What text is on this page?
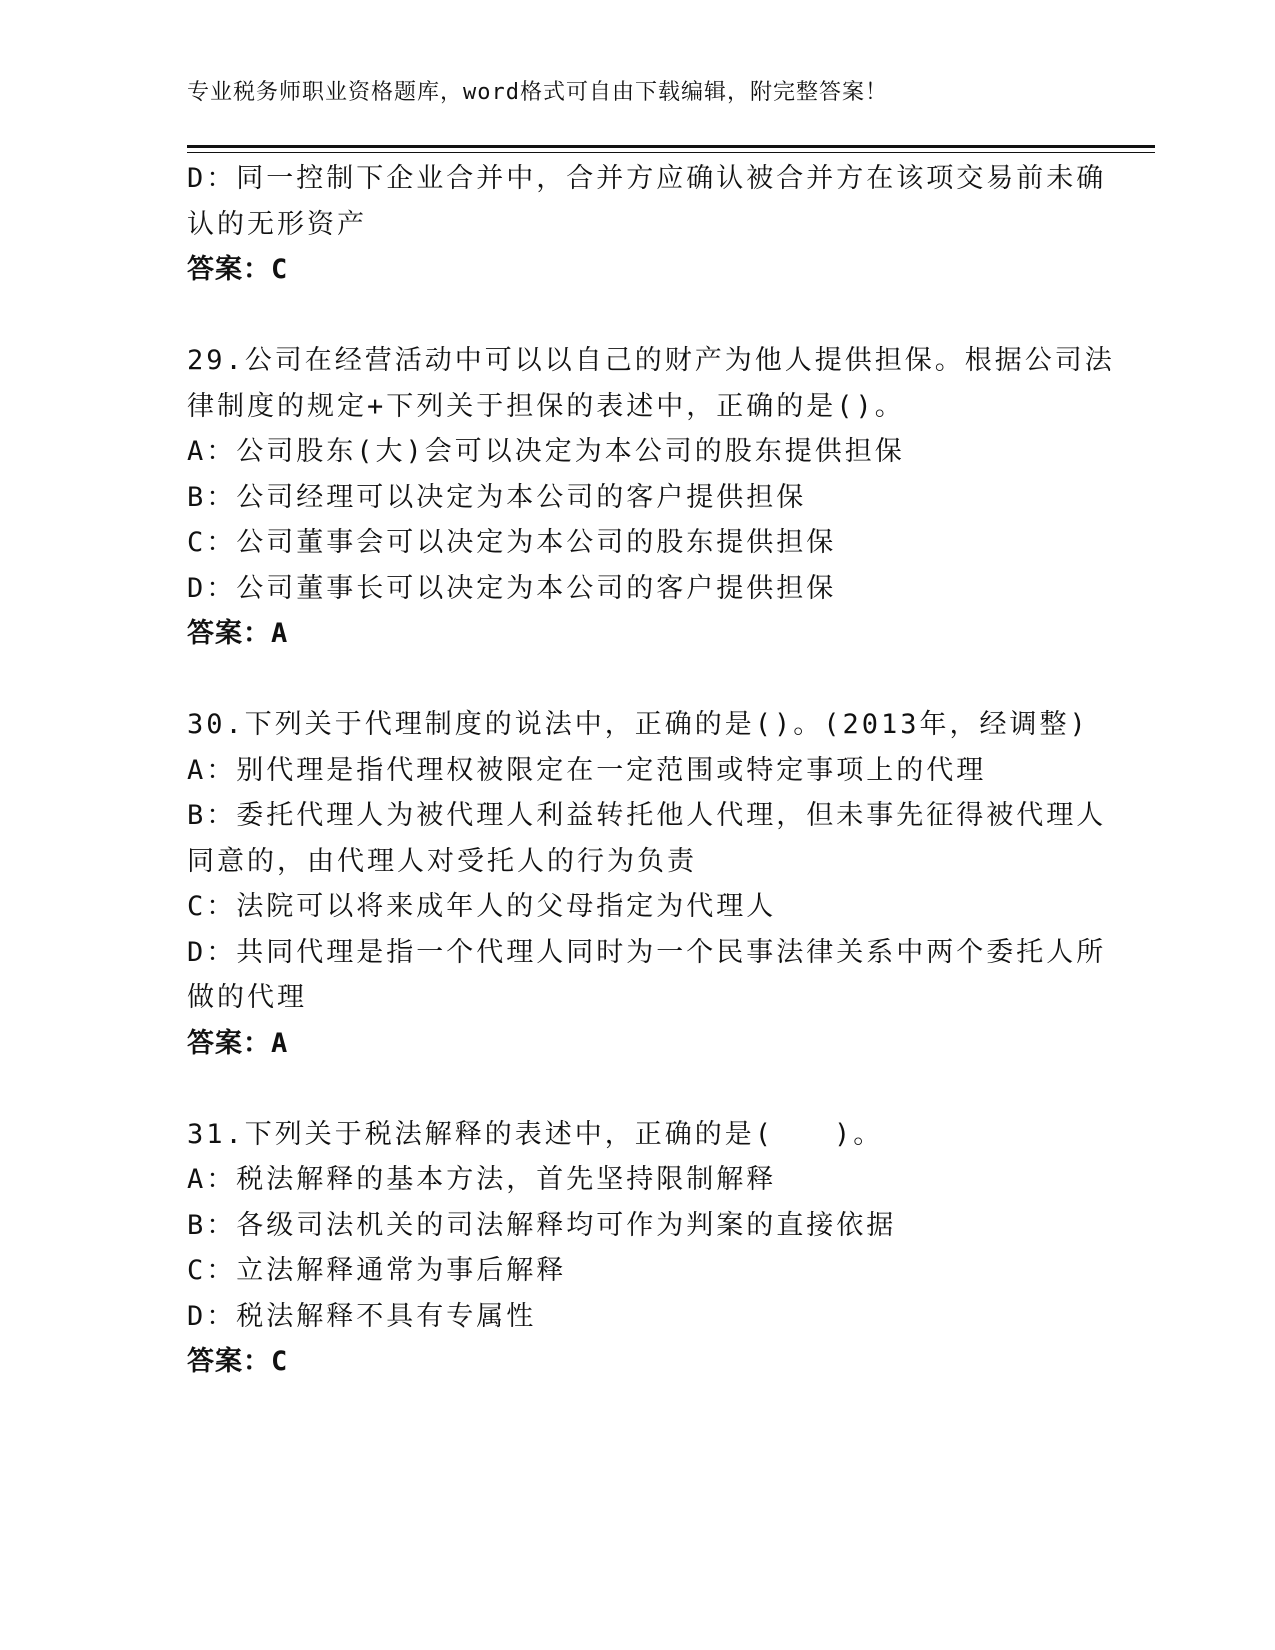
专业税务师职业资格题库，word格式可自由下载编辑，附完整答案！
D：同一控制下企业合并中，合并方应确认被合并方在该项交易前未确
认的无形资产
答案：C
29.公司在经营活动中可以以自己的财产为他人提供担保。根据公司法
律制度的规定+下列关于担保的表述中，正确的是()。
A：公司股东(大)会可以决定为本公司的股东提供担保
B：公司经理可以决定为本公司的客户提供担保
C：公司董事会可以决定为本公司的股东提供担保
D：公司董事长可以决定为本公司的客户提供担保
答案：A
30.下列关于代理制度的说法中，正确的是()。(2013年，经调整)
A：别代理是指代理权被限定在一定范围或特定事项上的代理
B：委托代理人为被代理人利益转托他人代理，但未事先征得被代理人
同意的，由代理人对受托人的行为负责
C：法院可以将来成年人的父母指定为代理人
D：共同代理是指一个代理人同时为一个民事法律关系中两个委托人所
做的代理
答案：A
31.下列关于税法解释的表述中，正确的是(　　)。
A：税法解释的基本方法，首先坚持限制解释
B：各级司法机关的司法解释均可作为判案的直接依据
C：立法解释通常为事后解释
D：税法解释不具有专属性
答案：C
